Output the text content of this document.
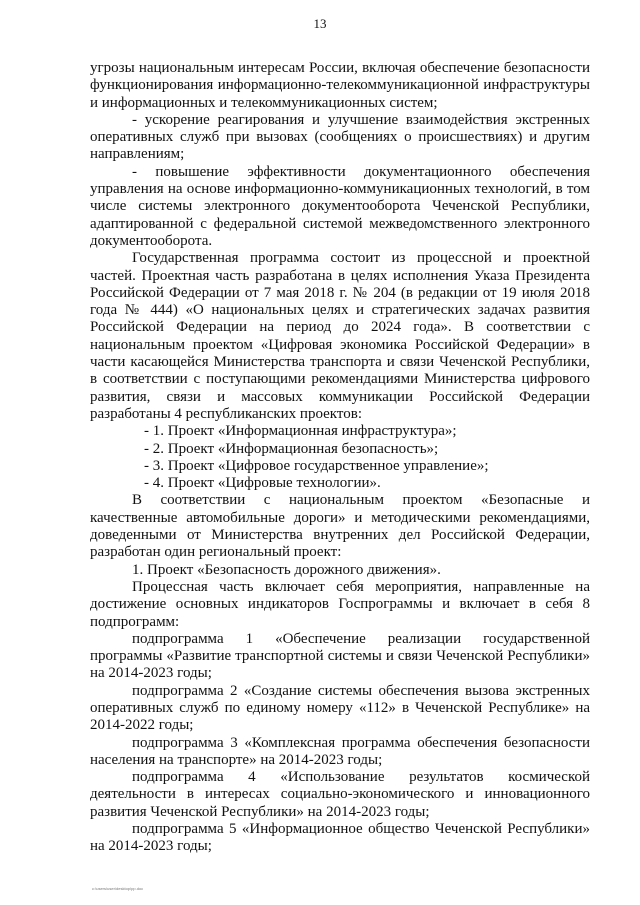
13

угрозы национальным интересам России, включая обеспечение безопасности функционирования информационно-телекоммуникационной инфраструктуры и информационных и телекоммуникационных систем;

- ускорение реагирования и улучшение взаимодействия экстренных оперативных служб при вызовах (сообщениях о происшествиях) и другим направлениям;

- повышение эффективности документационного обеспечения управления на основе информационно-коммуникационных технологий, в том числе системы электронного документооборота Чеченской Республики, адаптированной с федеральной системой межведомственного электронного документооборота.

Государственная программа состоит из процессной и проектной частей. Проектная часть разработана в целях исполнения Указа Президента Российской Федерации от 7 мая 2018 г. № 204 (в редакции от 19 июля 2018 года № 444) «О национальных целях и стратегических задачах развития Российской Федерации на период до 2024 года». В соответствии с национальным проектом «Цифровая экономика Российской Федерации» в части касающейся Министерства транспорта и связи Чеченской Республики, в соответствии с поступающими рекомендациями Министерства цифрового развития, связи и массовых коммуникации Российской Федерации разработаны 4 республиканских проектов:

- 1. Проект «Информационная инфраструктура»;

- 2. Проект «Информационная безопасность»;

- 3. Проект «Цифровое государственное управление»;

- 4. Проект «Цифровые технологии».

В соответствии с национальным проектом «Безопасные и качественные автомобильные дороги» и методическими рекомендациями, доведенными от Министерства внутренних дел Российской Федерации, разработан один региональный проект:

1. Проект «Безопасность дорожного движения».

Процессная часть включает себя мероприятия, направленные на достижение основных индикаторов Госпрограммы и включает в себя 8 подпрограмм:

подпрограмма 1 «Обеспечение реализации государственной программы «Развитие транспортной системы и связи Чеченской Республики» на 2014-2023 годы;

подпрограмма 2 «Создание системы обеспечения вызова экстренных оперативных служб по единому номеру «112» в Чеченской Республике» на 2014-2022 годы;

подпрограмма 3 «Комплексная программа обеспечения безопасности населения на транспорте» на 2014-2023 годы;

подпрограмма 4 «Использование результатов космической деятельности в интересах социально-экономического и инновационного развития Чеченской Республики» на 2014-2023 годы;

подпрограмма 5 «Информационное общество Чеченской Республики» на 2014-2023 годы;

c:\users\user\desktop\рр.doc
